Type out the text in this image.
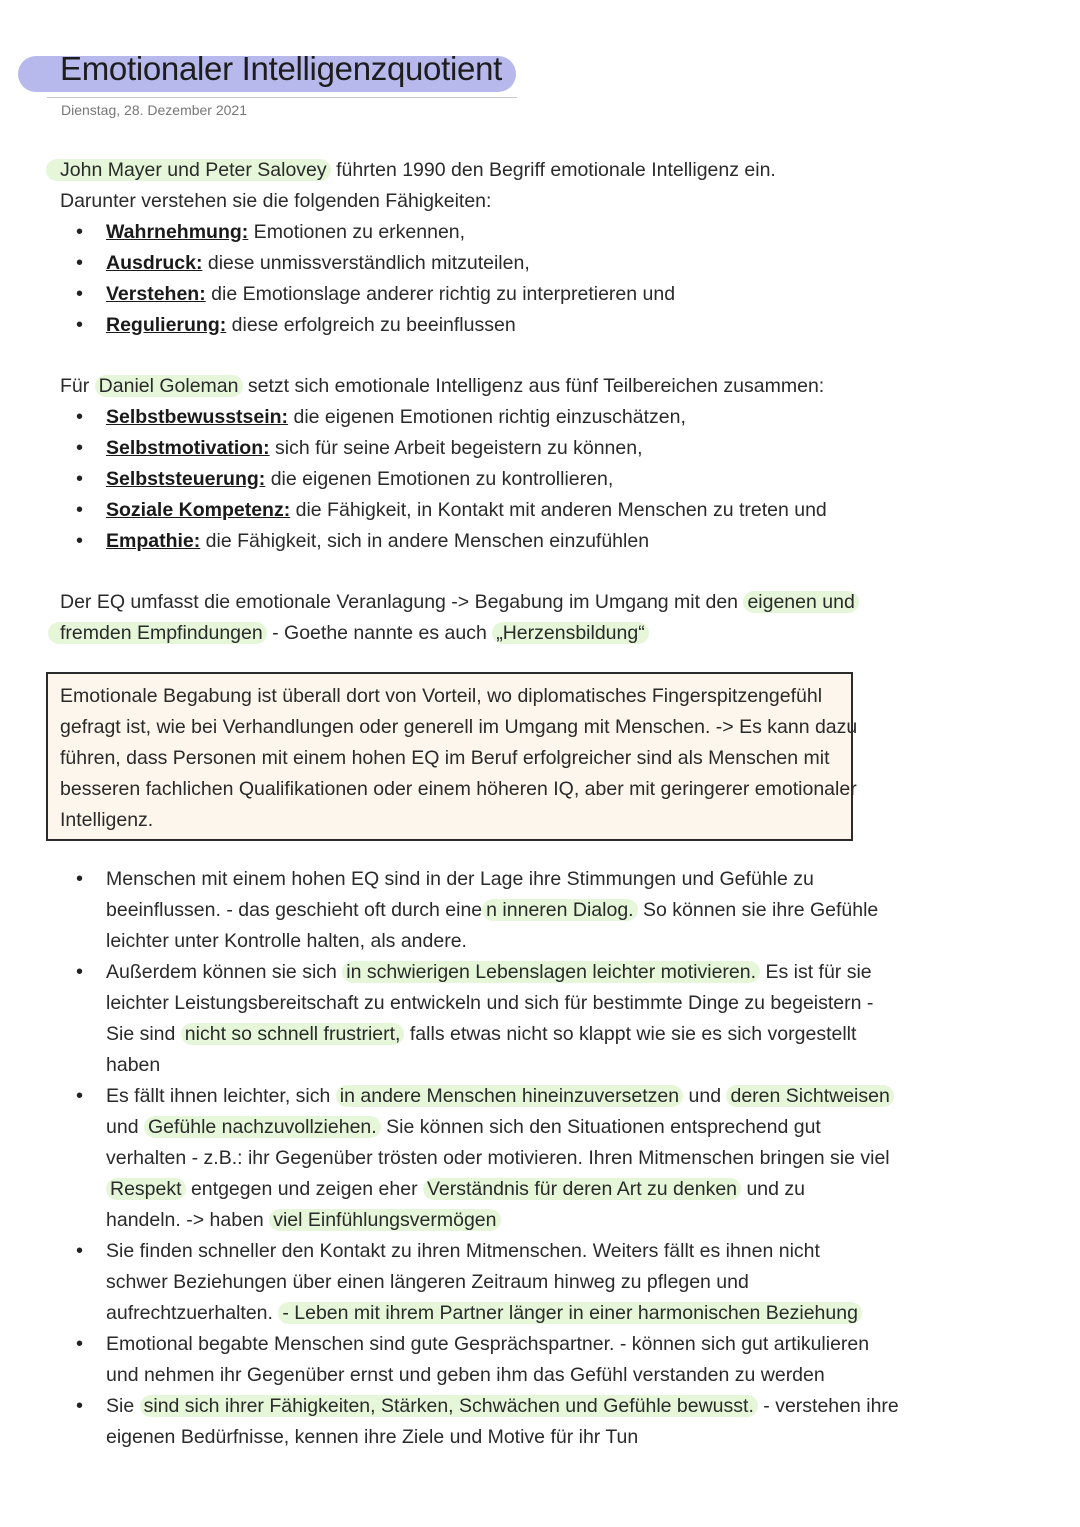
Emotionaler Intelligenzquotient
Dienstag, 28. Dezember 2021
John Mayer und Peter Salovey führten 1990 den Begriff emotionale Intelligenz ein.
Darunter verstehen sie die folgenden Fähigkeiten:
• Wahrnehmung: Emotionen zu erkennen,
• Ausdruck: diese unmissverständlich mitzuteilen,
• Verstehen: die Emotionslage anderer richtig zu interpretieren und
• Regulierung: diese erfolgreich zu beeinflussen
Für Daniel Goleman setzt sich emotionale Intelligenz aus fünf Teilbereichen zusammen:
• Selbstbewusstsein: die eigenen Emotionen richtig einzuschätzen,
• Selbstmotivation: sich für seine Arbeit begeistern zu können,
• Selbststeuerung: die eigenen Emotionen zu kontrollieren,
• Soziale Kompetenz: die Fähigkeit, in Kontakt mit anderen Menschen zu treten und
• Empathie: die Fähigkeit, sich in andere Menschen einzufühlen
Der EQ umfasst die emotionale Veranlagung -> Begabung im Umgang mit den eigenen und
fremden Empfindungen - Goethe nannte es auch „Herzensbildung“

Emotionale Begabung ist überall dort von Vorteil, wo diplomatisches Fingerspitzengefühl

gefragt ist, wie bei Verhandlungen oder generell im Umgang mit Menschen. -> Es kann dazu

führen, dass Personen mit einem hohen EQ im Beruf erfolgreicher sind als Menschen mit

besseren fachlichen Qualifikationen oder einem höheren IQ, aber mit geringerer emotionaler

Intelligenz.

• Menschen mit einem hohen EQ sind in der Lage ihre Stimmungen und Gefühle zu
beeinflussen. - das geschieht oft durch eine n inneren Dialog. So können sie ihre Gefühle
leichter unter Kontrolle halten, als andere.
• Außerdem können sie sich in schwierigen Lebenslagen leichter motivieren. Es ist für sie
leichter Leistungsbereitschaft zu entwickeln und sich für bestimmte Dinge zu begeistern -
Sie sind nicht so schnell frustriert, falls etwas nicht so klappt wie sie es sich vorgestellt
haben
• Es fällt ihnen leichter, sich in andere Menschen hineinzuversetzen und deren Sichtweisen
und Gefühle nachzuvollziehen. Sie können sich den Situationen entsprechend gut
verhalten - z.B.: ihr Gegenüber trösten oder motivieren. Ihren Mitmenschen bringen sie viel
Respekt entgegen und zeigen eher Verständnis für deren Art zu denken und zu
handeln. -> haben viel Einfühlungsvermögen
• Sie finden schneller den Kontakt zu ihren Mitmenschen. Weiters fällt es ihnen nicht
schwer Beziehungen über einen längeren Zeitraum hinweg zu pflegen und
aufrechtzuerhalten. - Leben mit ihrem Partner länger in einer harmonischen Beziehung
• Emotional begabte Menschen sind gute Gesprächspartner. - können sich gut artikulieren
und nehmen ihr Gegenüber ernst und geben ihm das Gefühl verstanden zu werden
• Sie sind sich ihrer Fähigkeiten, Stärken, Schwächen und Gefühle bewusst. - verstehen ihre
eigenen Bedürfnisse, kennen ihre Ziele und Motive für ihr Tun
